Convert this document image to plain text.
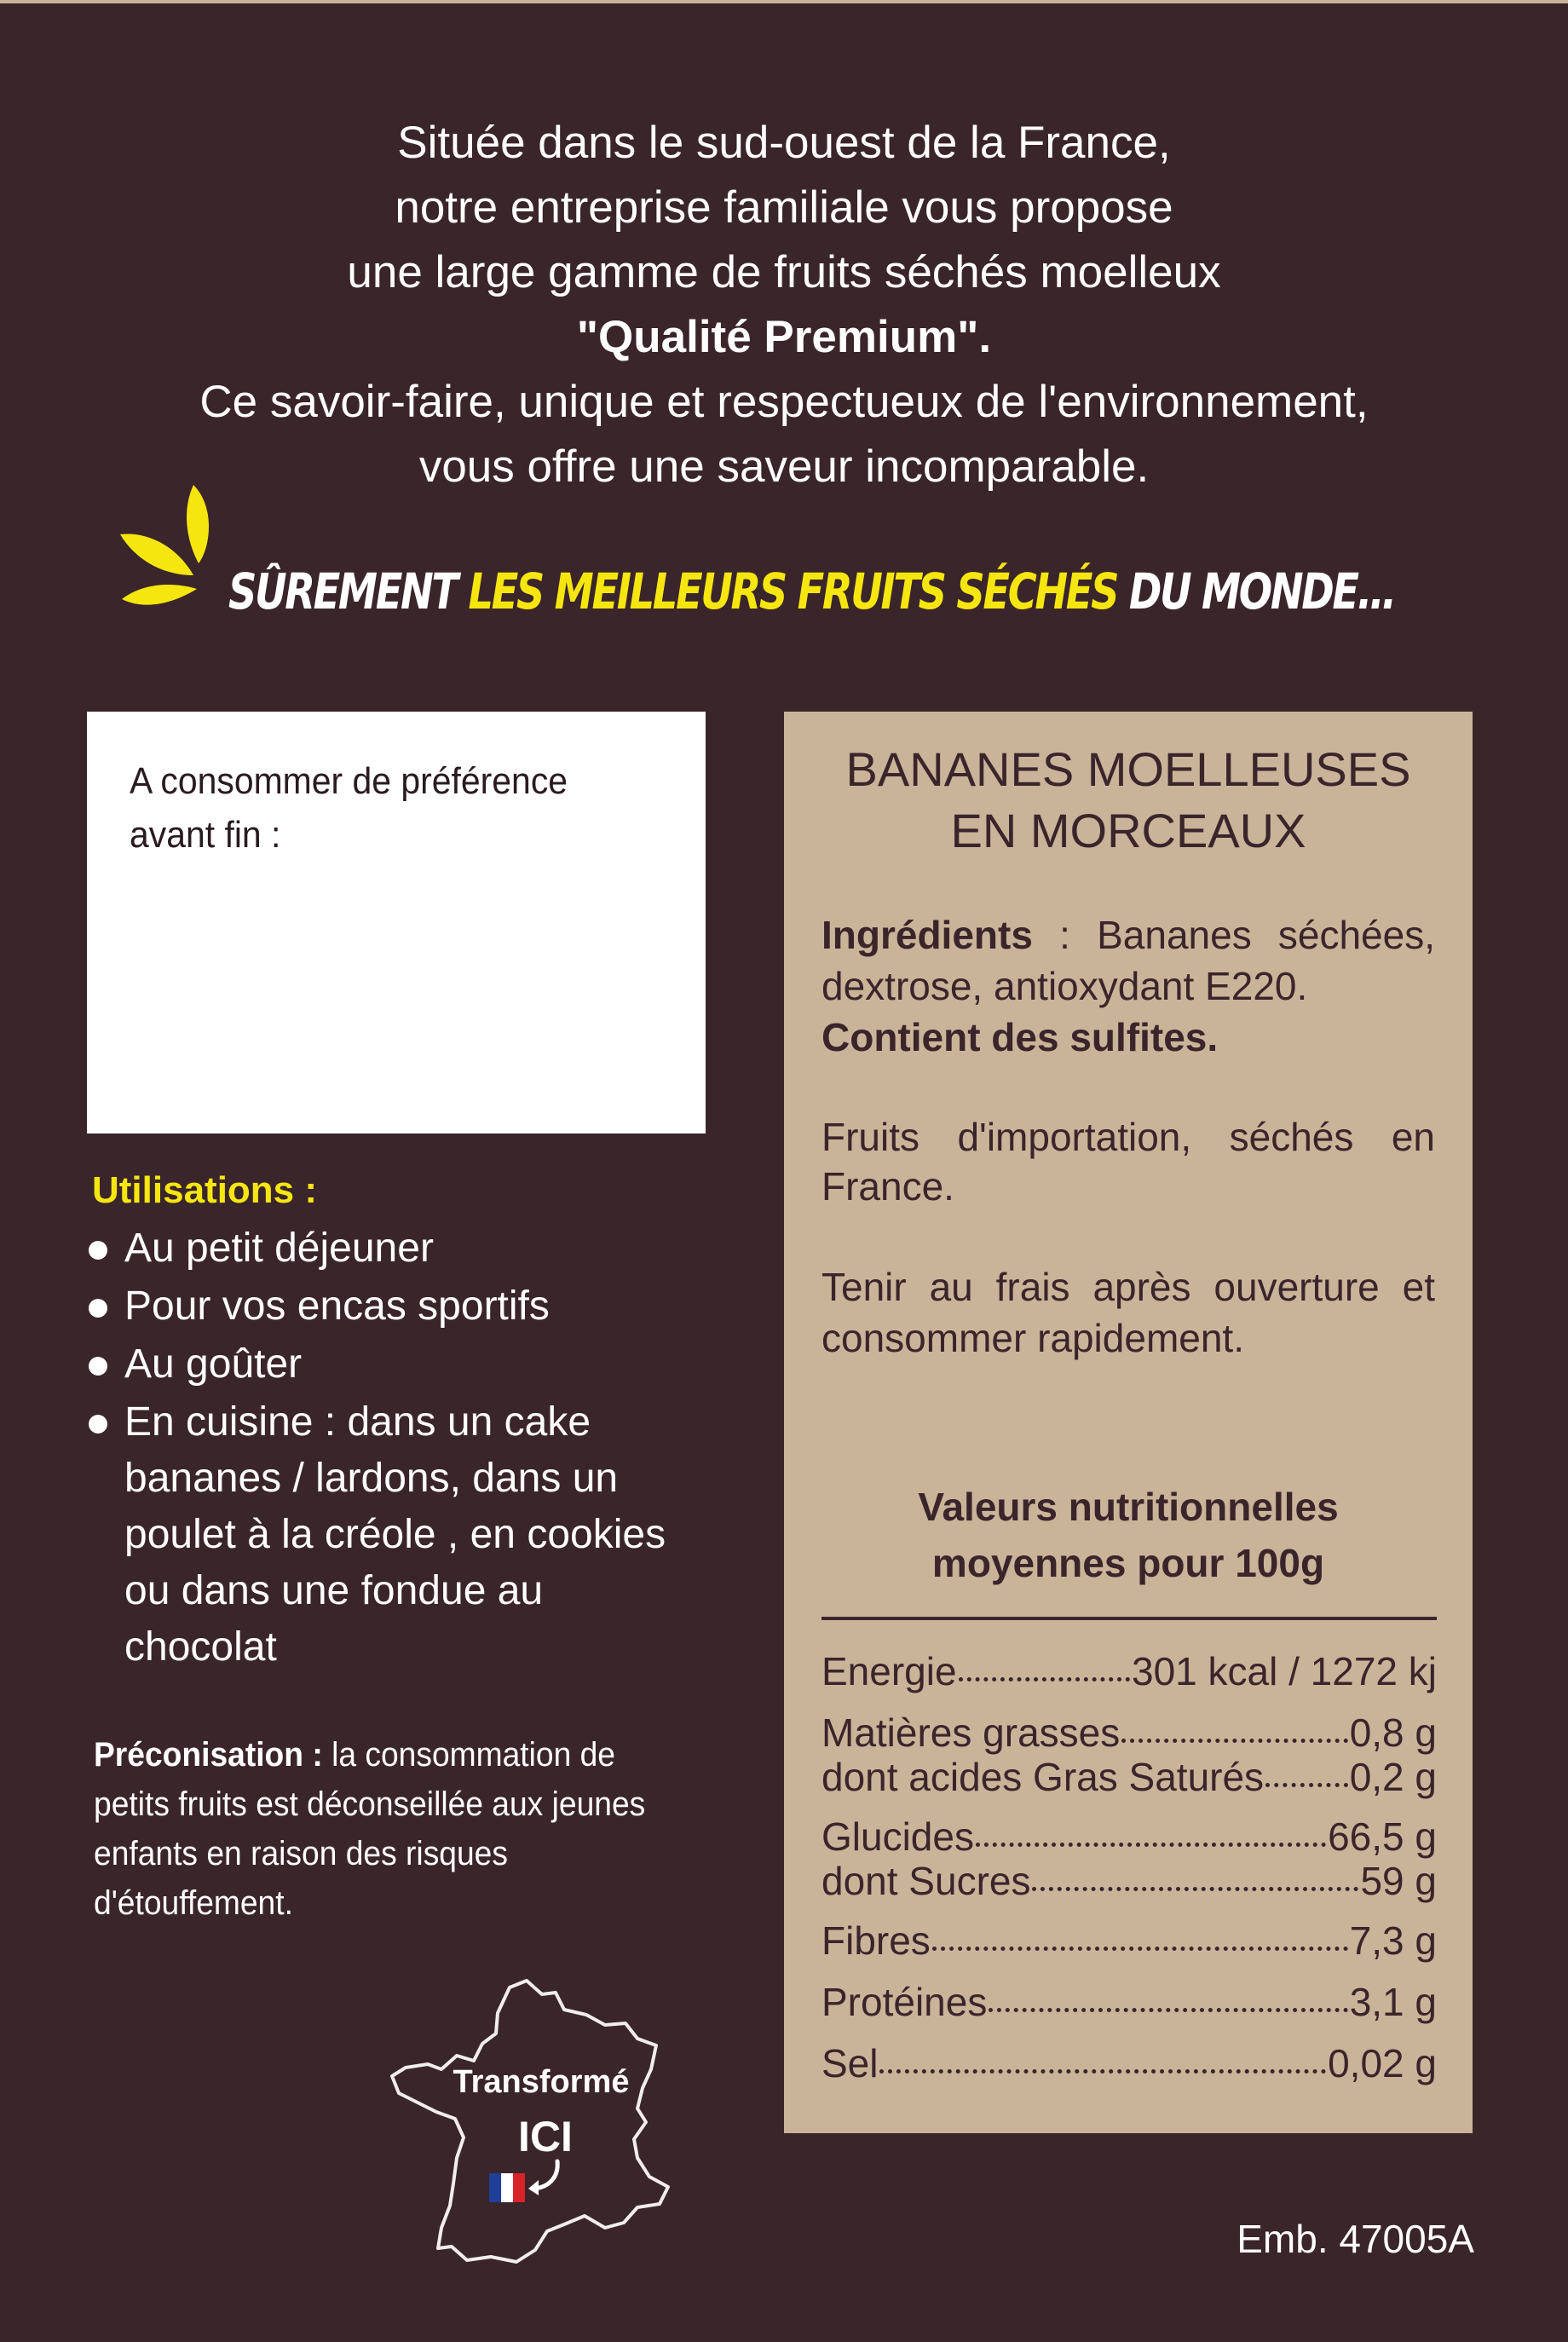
Située dans le sud-ouest de la France,
notre entreprise familiale vous propose
une large gamme de fruits séchés moelleux
"Qualité Premium".
Ce savoir-faire, unique et respectueux de l'environnement,
vous offre une saveur incomparable.
SÛREMENT LES MEILLEURS FRUITS SÉCHÉS DU MONDE…
A consommer de préférence avant fin :
Utilisations :
Au petit déjeuner
Pour vos encas sportifs
Au goûter
En cuisine : dans un cake bananes / lardons, dans un poulet à la créole , en cookies ou dans une fondue au chocolat
Préconisation : la consommation de petits fruits est déconseillée aux jeunes enfants en raison des risques d'étouffement.
Transformé
ICI
Emb. 47005A
BANANES MOELLEUSES
EN MORCEAUX
Ingrédients : Bananes séchées, dextrose, antioxydant E220.
Contient des sulfites.
Fruits d'importation, séchés en France.
Tenir au frais après ouverture et consommer rapidement.
Valeurs nutritionnelles
moyennes pour 100g
Energie	301 kcal / 1272 kj
Matières grasses	0,8 g
dont acides Gras Saturés 0,2 g
Glucides	66,5 g
dont Sucres	59 g
Fibres	7,3 g
Protéines	3,1 g
Sel	0,02 g
